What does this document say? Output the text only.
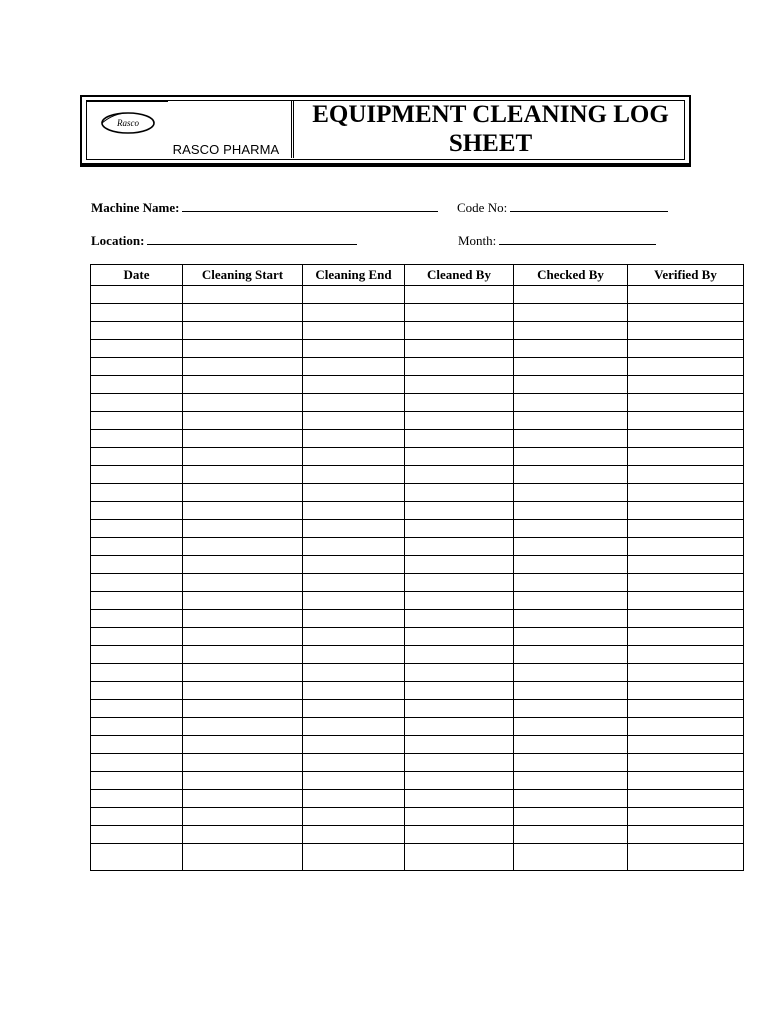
Rasco
RASCO PHARMA
EQUIPMENT CLEANING LOG SHEET
Machine Name:	Code No:
Location:	Month:
Date	Cleaning Start	Cleaning End	Cleaned By	Checked By	Verified By
